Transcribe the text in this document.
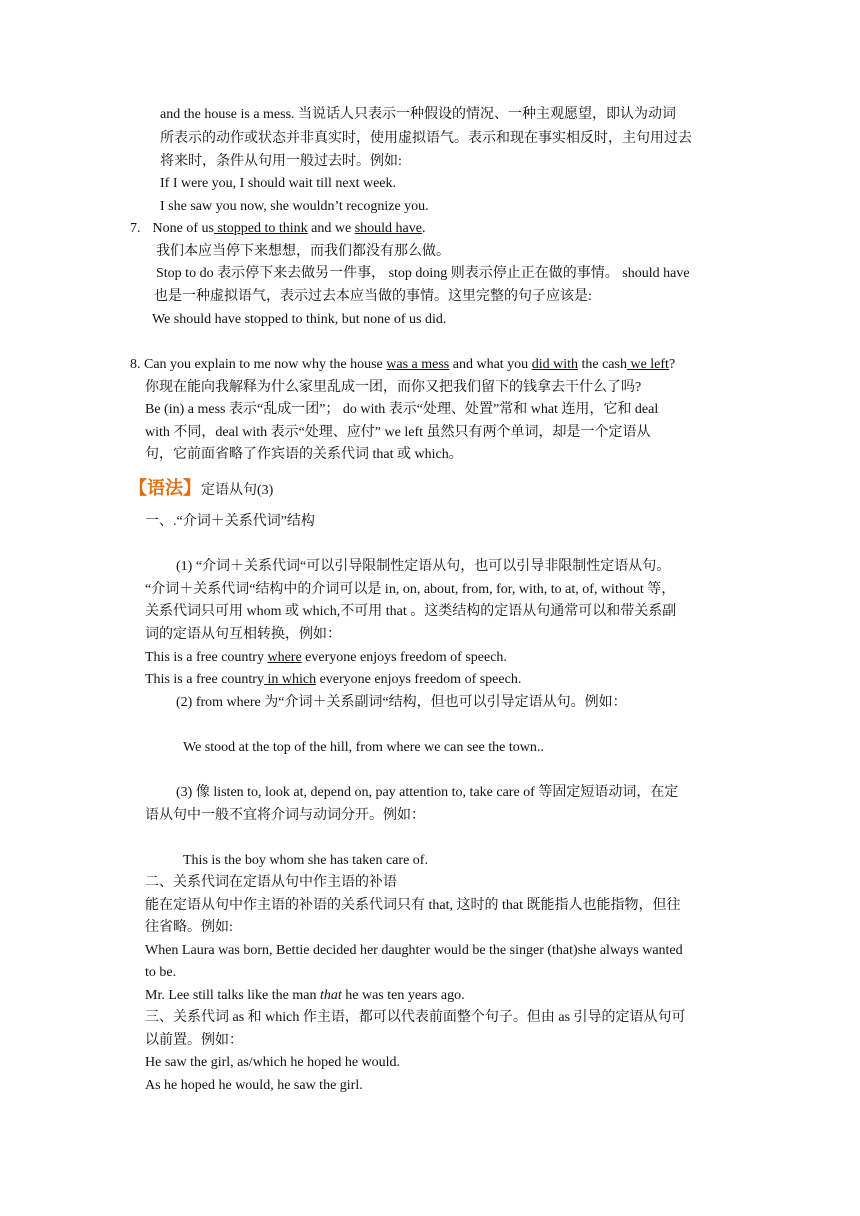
and the house is a mess. 当说话人只表示一种假设的情况、一种主观愿望，即认为动词
所表示的动作或状态并非真实时，使用虚拟语气。表示和现在事实相反时，主句用过去
将来时，条件从句用一般过去时。例如:
If I were you, I should wait till next week.
I she saw you now, she wouldn’t recognize you.
7. None of us stopped to think and we should have.
我们本应当停下来想想，而我们都没有那么做。
Stop to do 表示停下来去做另一件事， stop doing 则表示停止正在做的事情。 should have
也是一种虚拟语气，表示过去本应当做的事情。这里完整的句子应该是:
We should have stopped to think, but none of us did.
8. Can you explain to me now why the house was a mess and what you did with the cash we left?
你现在能向我解释为什么家里乱成一团，而你又把我们留下的钱拿去干什么了吗?
Be (in) a mess 表示“乱成一团”； do with 表示“处理、处置”常和 what 连用，它和 deal
with 不同，deal with 表示“处理、应付” we left 虽然只有两个单词，却是一个定语从
句，它前面省略了作宾语的关系代词 that 或 which。
【语法】定语从句(3)
一、.“介词＋关系代词”结构
(1) “介词＋关系代词“可以引导限制性定语从句，也可以引导非限制性定语从句。
“介词＋关系代词“结构中的介词可以是 in, on, about, from, for, with, to at, of, without 等，
关系代词只可用 whom 或 which,不可用 that 。这类结构的定语从句通常可以和带关系副
词的定语从句互相转换，例如：
This is a free country where everyone enjoys freedom of speech.
This is a free country in which everyone enjoys freedom of speech.
(2) from where 为“介词＋关系副词“结构，但也可以引导定语从句。例如：
We stood at the top of the hill, from where we can see the town..
(3) 像 listen to, look at, depend on, pay attention to, take care of 等固定短语动词，在定
语从句中一般不宜将介词与动词分开。例如：
This is the boy whom she has taken care of.
二、关系代词在定语从句中作主语的补语
能在定语从句中作主语的补语的关系代词只有 that, 这时的 that 既能指人也能指物，但往
往省略。例如:
When Laura was born, Bettie decided her daughter would be the singer (that)she always wanted
to be.
Mr. Lee still talks like the man that he was ten years ago.
三、关系代词 as 和 which 作主语，都可以代表前面整个句子。但由 as 引导的定语从句可
以前置。例如：
He saw the girl, as/which he hoped he would.
As he hoped he would, he saw the girl.
